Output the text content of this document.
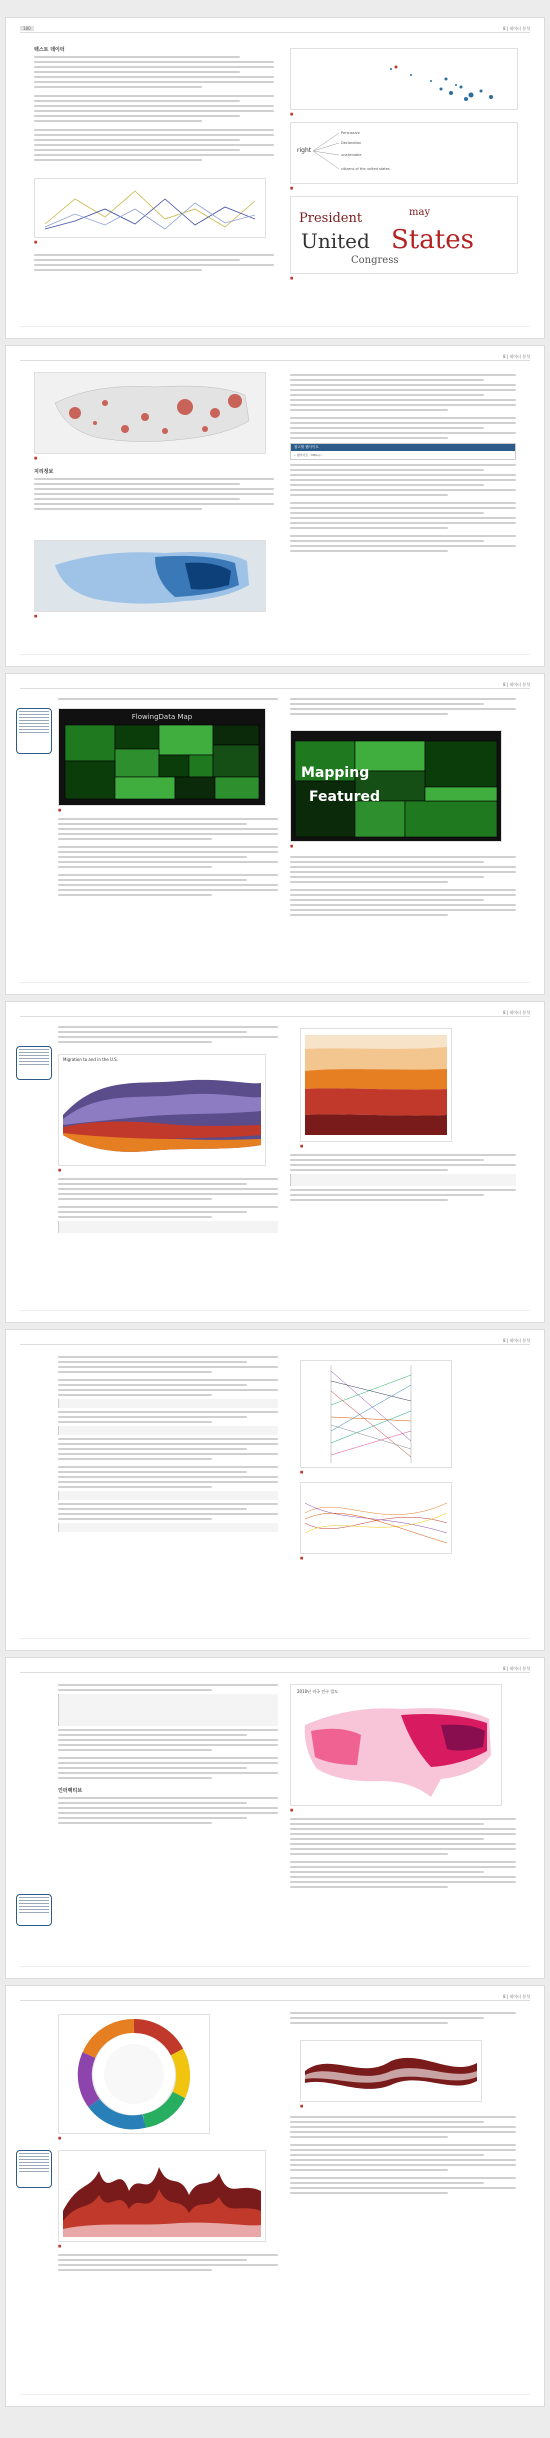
180	8 | 데이터 분석
텍스트 데이터
■
■
right
Persuasive
Declaration
unalienable
citizens of the united states
■
President
United States
Congress
may
■
8 | 데이터 분석
■
지리정보
■
참고할 웹사이트
• 웹사이트 : http://...
8 | 데이터 분석
FlowingData Map
■
Mapping
Featured
■
8 | 데이터 분석
Migration to and in the U.S.
■
■
8 | 데이터 분석
■
■
8 | 데이터 분석
인터랙티브
2010년 미국 인구 밀도
■
8 | 데이터 분석
■
■
■
